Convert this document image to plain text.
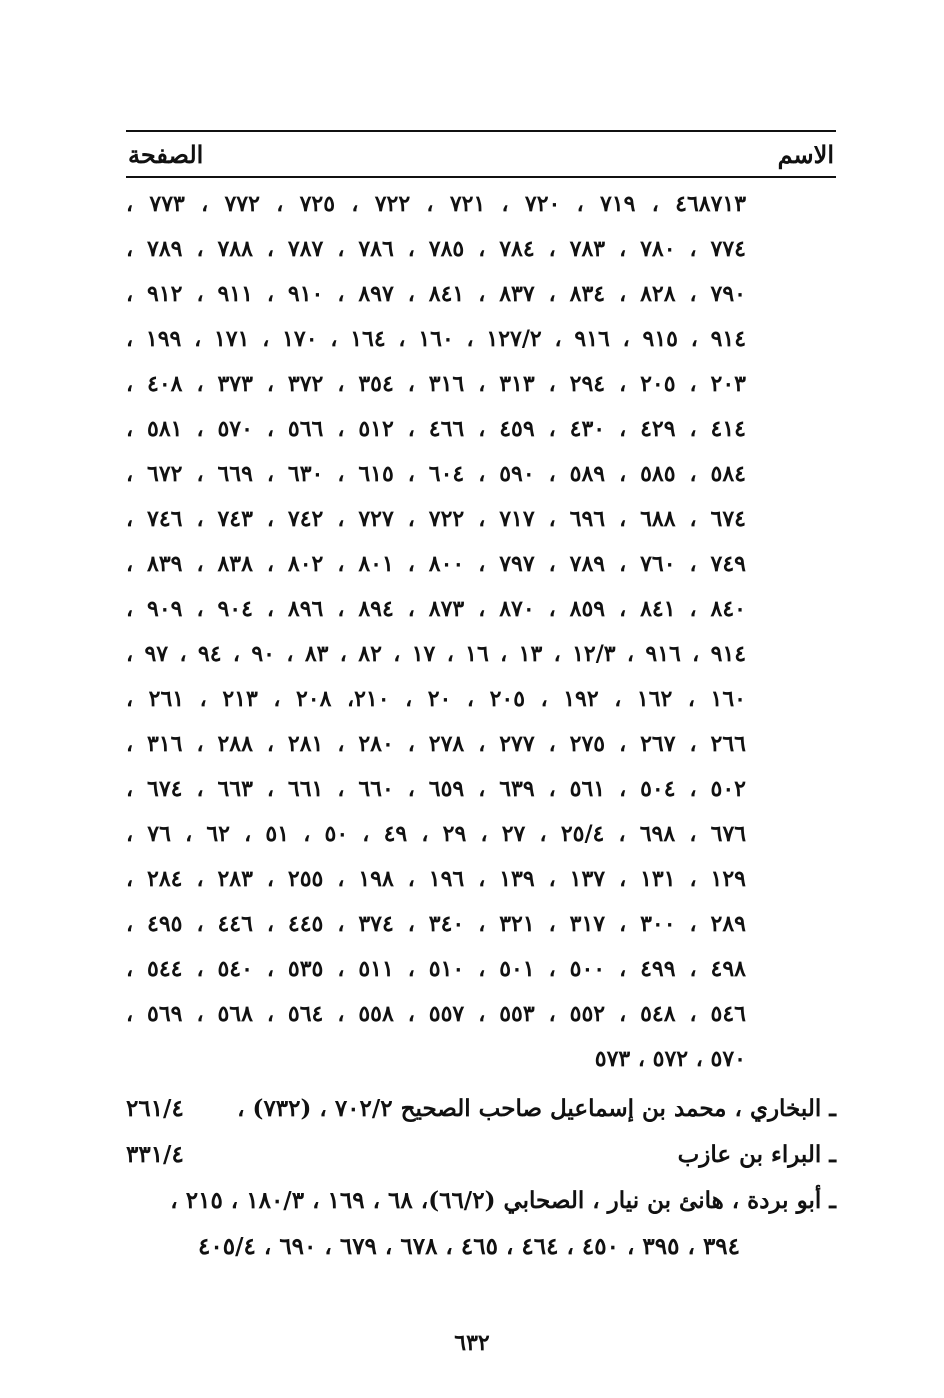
الاسم
الصفحة
٤٦٨٧١٣ ، ٧١٩ ، ٧٢٠ ، ٧٢١ ، ٧٢٢ ، ٧٢٥ ، ٧٧٢ ، ٧٧٣ ،
٧٧٤ ، ٧٨٠ ، ٧٨٣ ، ٧٨٤ ، ٧٨٥ ، ٧٨٦ ، ٧٨٧ ، ٧٨٨ ، ٧٨٩ ،
٧٩٠ ، ٨٢٨ ، ٨٣٤ ، ٨٣٧ ، ٨٤١ ، ٨٩٧ ، ٩١٠ ، ٩١١ ، ٩١٢ ،
٩١٤ ، ٩١٥ ، ٩١٦ ، ١٢٧/٢ ، ١٦٠ ، ١٦٤ ، ١٧٠ ، ١٧١ ، ١٩٩ ،
٢٠٣ ، ٢٠٥ ، ٢٩٤ ، ٣١٣ ، ٣١٦ ، ٣٥٤ ، ٣٧٢ ، ٣٧٣ ، ٤٠٨ ،
٤١٤ ، ٤٢٩ ، ٤٣٠ ، ٤٥٩ ، ٤٦٦ ، ٥١٢ ، ٥٦٦ ، ٥٧٠ ، ٥٨١ ،
٥٨٤ ، ٥٨٥ ، ٥٨٩ ، ٥٩٠ ، ٦٠٤ ، ٦١٥ ، ٦٣٠ ، ٦٦٩ ، ٦٧٢ ،
٦٧٤ ، ٦٨٨ ، ٦٩٦ ، ٧١٧ ، ٧٢٢ ، ٧٢٧ ، ٧٤٢ ، ٧٤٣ ، ٧٤٦ ،
٧٤٩ ، ٧٦٠ ، ٧٨٩ ، ٧٩٧ ، ٨٠٠ ، ٨٠١ ، ٨٠٢ ، ٨٣٨ ، ٨٣٩ ،
٨٤٠ ، ٨٤١ ، ٨٥٩ ، ٨٧٠ ، ٨٧٣ ، ٨٩٤ ، ٨٩٦ ، ٩٠٤ ، ٩٠٩ ،
٩١٤ ، ٩١٦ ، ١٢/٣ ، ١٣ ، ١٦ ، ١٧ ، ٨٢ ، ٨٣ ، ٩٠ ، ٩٤ ، ٩٧ ،
١٦٠ ، ١٦٢ ، ١٩٢ ، ٢٠٥ ، ٢٠ ، ٢١٠، ٢٠٨ ، ٢١٣ ، ٢٦١ ،
٢٦٦ ، ٢٦٧ ، ٢٧٥ ، ٢٧٧ ، ٢٧٨ ، ٢٨٠ ، ٢٨١ ، ٢٨٨ ، ٣١٦ ،
٥٠٢ ، ٥٠٤ ، ٥٦١ ، ٦٣٩ ، ٦٥٩ ، ٦٦٠ ، ٦٦١ ، ٦٦٣ ، ٦٧٤ ،
٦٧٦ ، ٦٩٨ ، ٢٥/٤ ، ٢٧ ، ٢٩ ، ٤٩ ، ٥٠ ، ٥١ ، ٦٢ ، ٧٦ ،
١٢٩ ، ١٣١ ، ١٣٧ ، ١٣٩ ، ١٩٦ ، ١٩٨ ، ٢٥٥ ، ٢٨٣ ، ٢٨٤ ،
٢٨٩ ، ٣٠٠ ، ٣١٧ ، ٣٢١ ، ٣٤٠ ، ٣٧٤ ، ٤٤٥ ، ٤٤٦ ، ٤٩٥ ،
٤٩٨ ، ٤٩٩ ، ٥٠٠ ، ٥٠١ ، ٥١٠ ، ٥١١ ، ٥٣٥ ، ٥٤٠ ، ٥٤٤ ،
٥٤٦ ، ٥٤٨ ، ٥٥٢ ، ٥٥٣ ، ٥٥٧ ، ٥٥٨ ، ٥٦٤ ، ٥٦٨ ، ٥٦٩ ،
٥٧٠ ، ٥٧٢ ، ٥٧٣
ـ البخاري ، محمد بن إسماعيل صاحب الصحيح ٧٠٢/٢ ، (٧٣٢) ،
٢٦١/٤
ـ البراء بن عازب
٣٣١/٤
ـ أبو بردة ، هانئ بن نيار ، الصحابي (٦٦/٢)، ٦٨ ، ١٦٩ ، ١٨٠/٣ ، ٢١٥ ،
٣٩٤ ، ٣٩٥ ، ٤٥٠ ، ٤٦٤ ، ٤٦٥ ، ٦٧٨ ، ٦٧٩ ، ٦٩٠ ، ٤٠٥/٤
٦٣٢
